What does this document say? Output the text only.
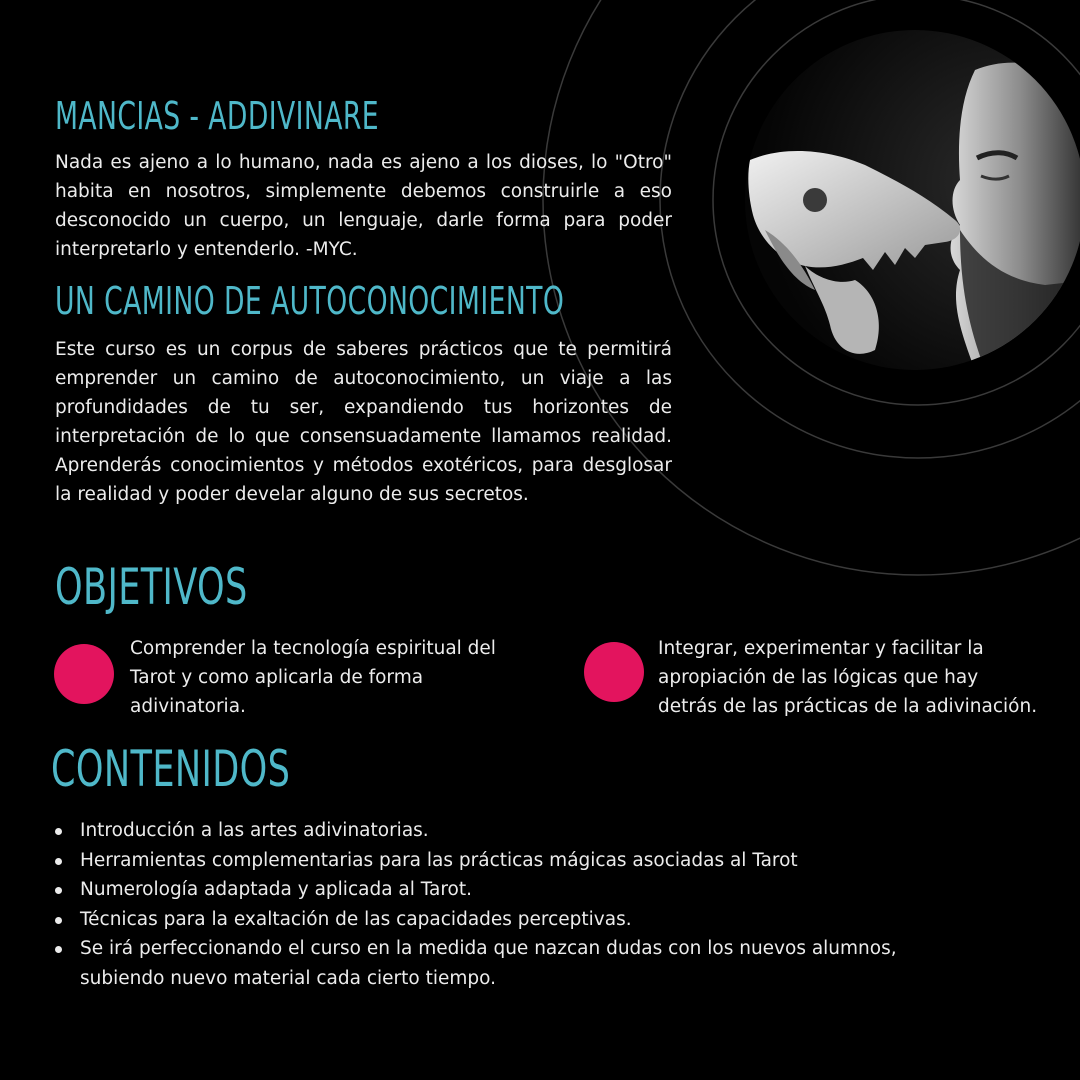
MANCIAS - ADDIVINARE

Nada es ajeno a lo humano, nada es ajeno a los dioses, lo "Otro" habita en nosotros, simplemente debemos construirle a eso desconocido un cuerpo, un lenguaje, darle forma para poder interpretarlo y entenderlo. -MYC.

UN CAMINO DE AUTOCONOCIMIENTO

Este curso es un corpus de saberes prácticos que te permitirá emprender un camino de autoconocimiento, un viaje a las profundidades de tu ser, expandiendo tus horizontes de interpretación de lo que consensuadamente llamamos realidad. Aprenderás conocimientos y métodos exotéricos, para desglosar la realidad y poder develar alguno de sus secretos.

OBJETIVOS

Comprender la tecnología espiritual del Tarot y como aplicarla de forma adivinatoria.

Integrar, experimentar y facilitar la apropiación de las lógicas que hay detrás de las prácticas de la adivinación.

CONTENIDOS
Introducción a las artes adivinatorias.
Herramientas complementarias para las prácticas mágicas asociadas al Tarot
Numerología adaptada y aplicada al Tarot.
Técnicas para la exaltación de las capacidades perceptivas.
Se irá perfeccionando el curso en la medida que nazcan dudas con los nuevos alumnos, subiendo nuevo material cada cierto tiempo.
